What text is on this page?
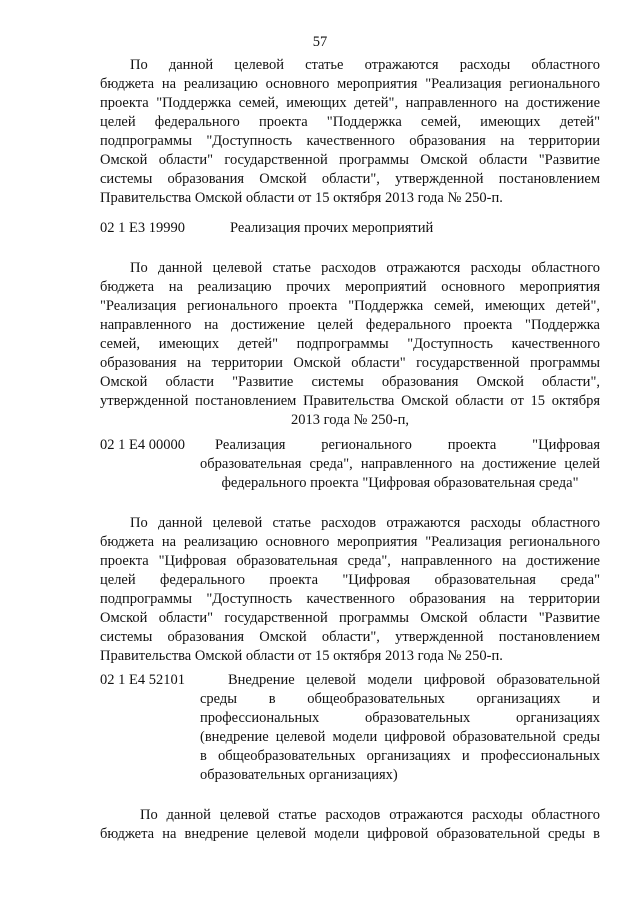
57
По данной целевой статье отражаются расходы областного
бюджета на реализацию основного мероприятия "Реализация регионального
проекта "Поддержка семей, имеющих детей", направленного на достижение
целей федерального проекта "Поддержка семей, имеющих детей"
подпрограммы "Доступность качественного образования на территории
Омской области" государственной программы Омской области "Развитие
системы образования Омской области", утвержденной постановлением
Правительства Омской области от 15 октября 2013 года № 250-п.
02 1 E3 19990	Реализация прочих мероприятий
По данной целевой статье расходов отражаются расходы областного
бюджета на реализацию прочих мероприятий основного мероприятия
"Реализация регионального проекта "Поддержка семей, имеющих детей",
направленного на достижение целей федерального проекта "Поддержка
семей, имеющих детей" подпрограммы "Доступность качественного
образования на территории Омской области" государственной программы
Омской области "Развитие системы образования Омской области",
утвержденной постановлением Правительства Омской области от 15 октября
2013 года № 250-п,
02 1 E4 00000	Реализация регионального проекта "Цифровая
образовательная среда", направленного на достижение целей
федерального проекта "Цифровая образовательная среда"
По данной целевой статье расходов отражаются расходы областного
бюджета на реализацию основного мероприятия "Реализация регионального
проекта "Цифровая образовательная среда", направленного на достижение
целей федерального проекта "Цифровая образовательная среда"
подпрограммы "Доступность качественного образования на территории
Омской области" государственной программы Омской области "Развитие
системы образования Омской области", утвержденной постановлением
Правительства Омской области от 15 октября 2013 года № 250-п.
02 1 E4 52101	Внедрение целевой модели цифровой образовательной
среды в общеобразовательных организациях и
профессиональных образовательных организациях
(внедрение целевой модели цифровой образовательной среды
в общеобразовательных организациях и профессиональных
образовательных организациях)
По данной целевой статье расходов отражаются расходы областного
бюджета на внедрение целевой модели цифровой образовательной среды в
